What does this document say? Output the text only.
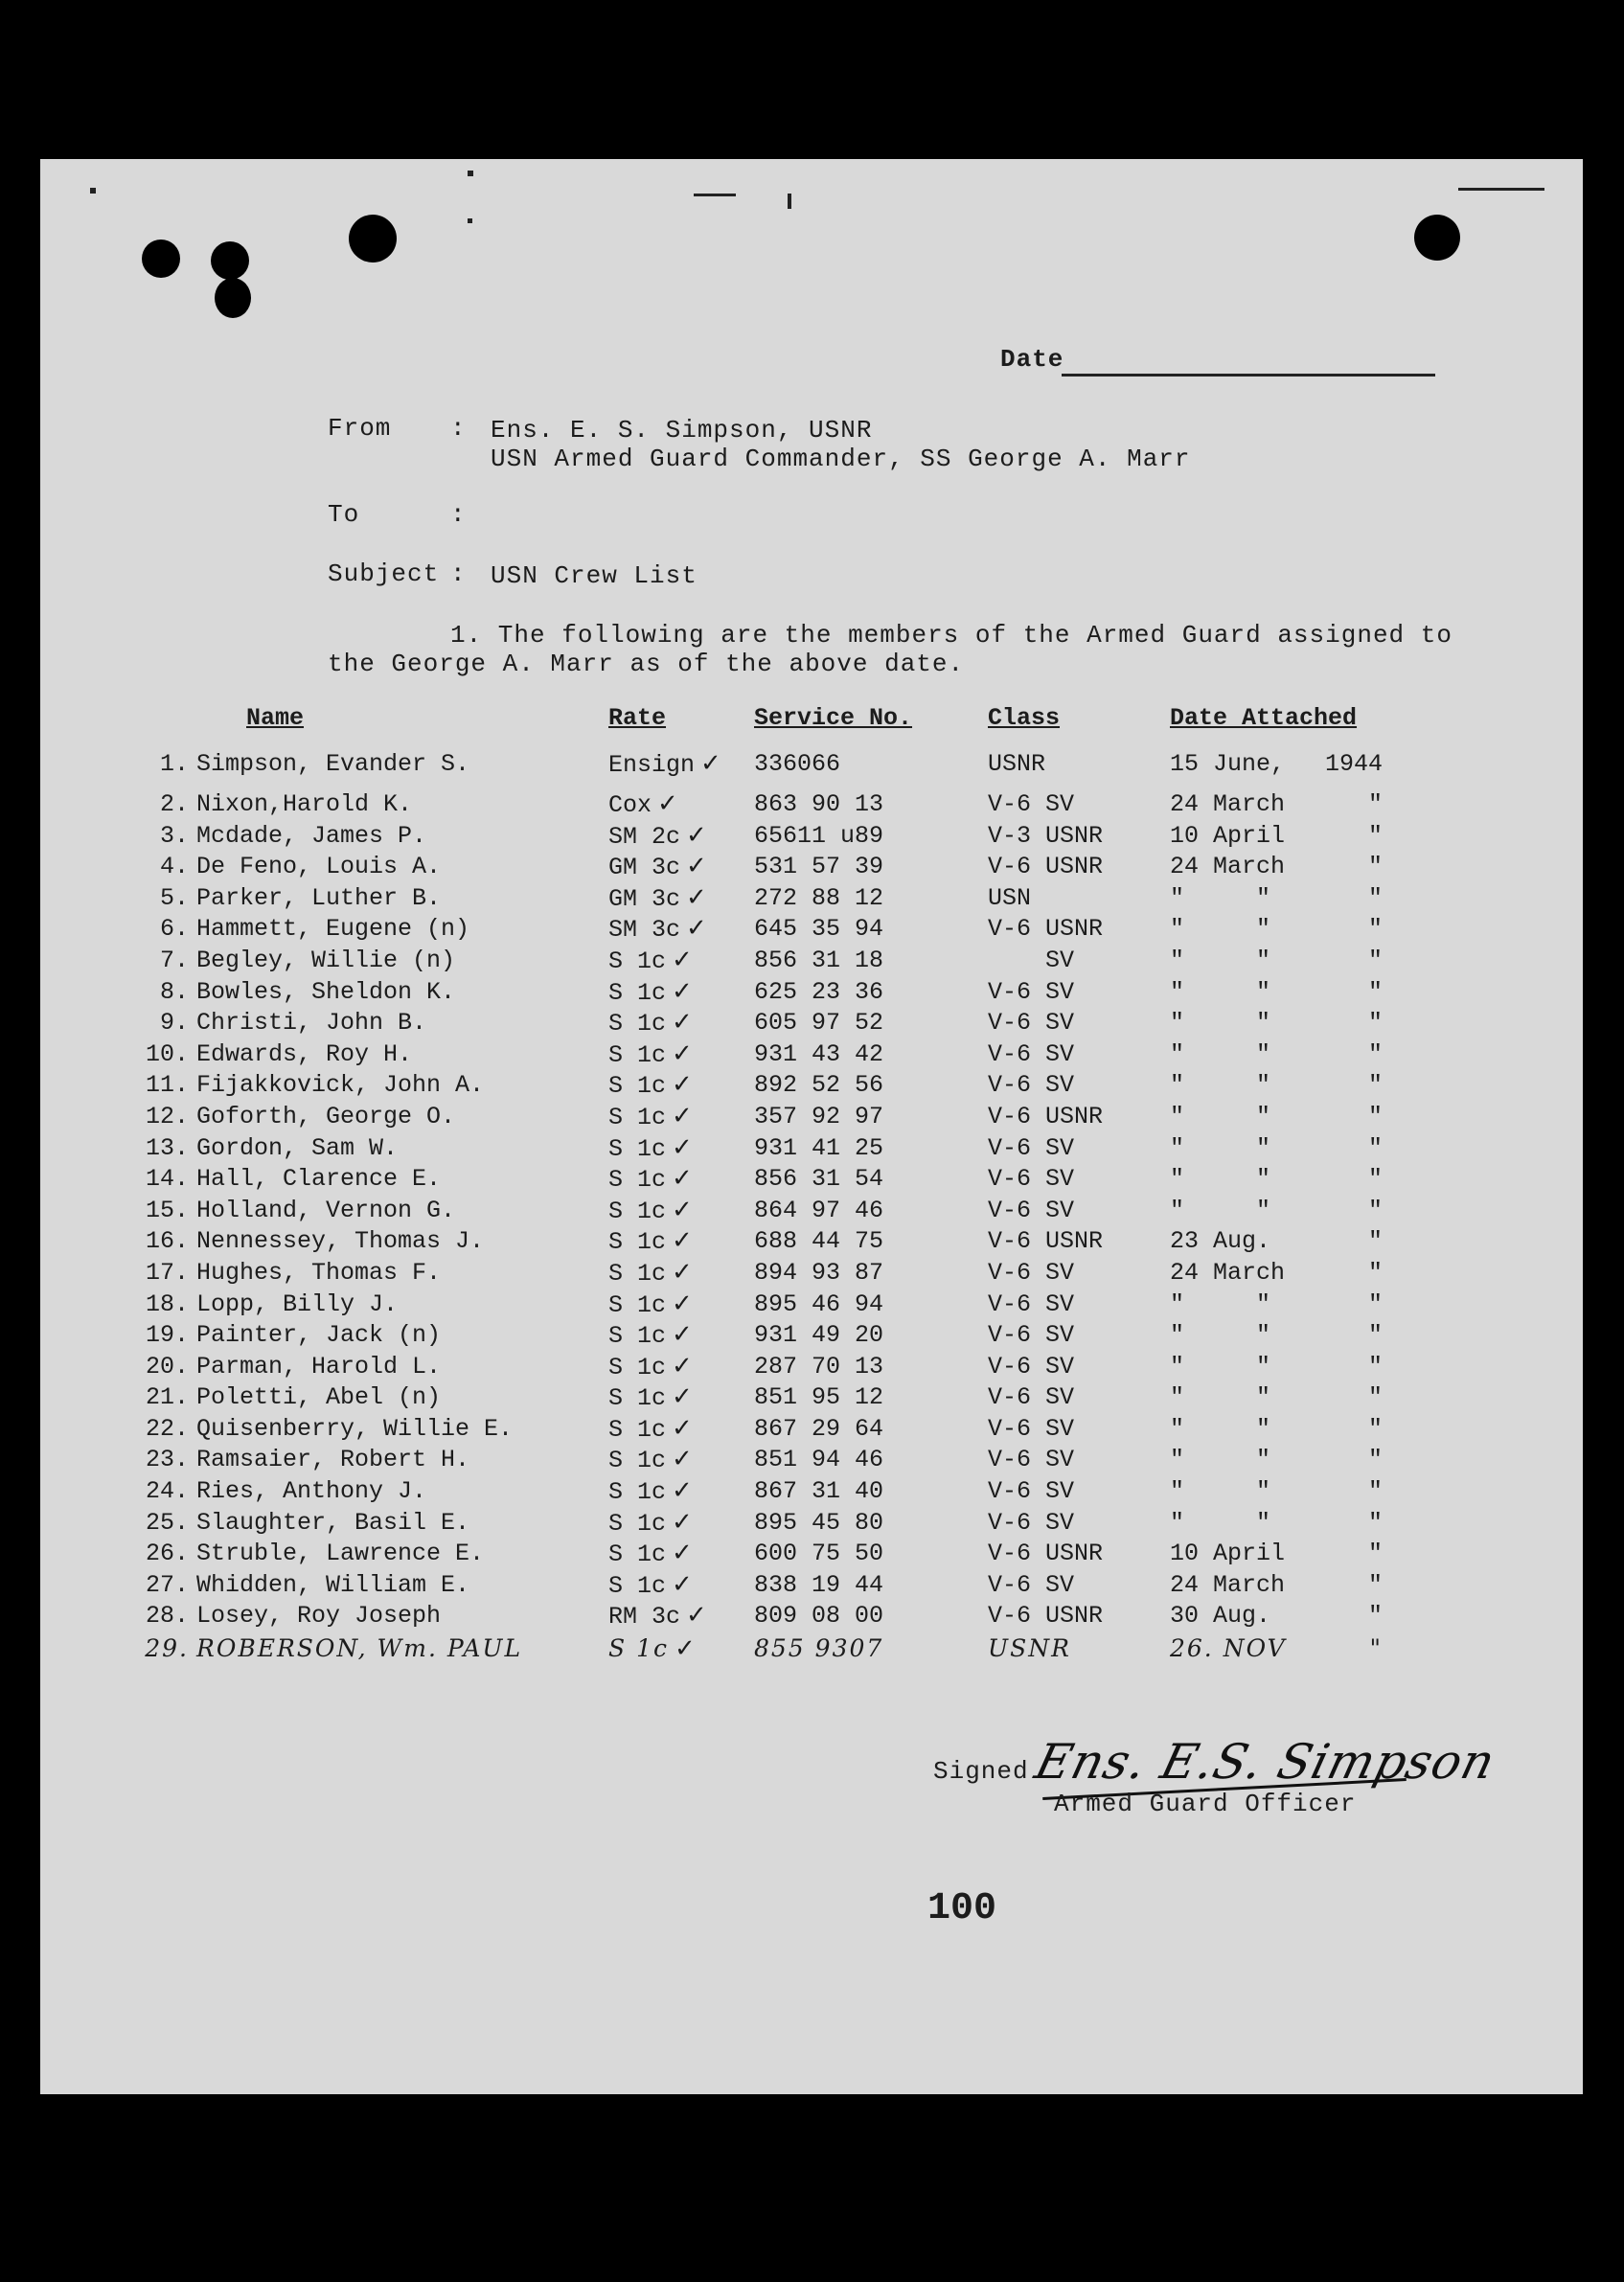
Date
From : Ens. E. S. Simpson, USNR
USN Armed Guard Commander, SS George A. Marr
To	:
Subject : USN Crew List
1. The following are the members of the Armed Guard assigned to
the George A. Marr as of the above date.
	Name	Rate	Service No.	Class	Date Attached	
1.	Simpson, Evander S.	Ensign ✓	336066	USNR	15 June,	1944
2.	Nixon,Harold K.	Cox ✓	863 90 13	V-6 SV	24 March	"
3.	Mcdade, James P.	SM 2c ✓	65611 u89	V-3 USNR	10 April	"
4.	De Feno, Louis A.	GM 3c ✓	531 57 39	V-6 USNR	24 March	"
5.	Parker, Luther B.	GM 3c ✓	272 88 12	USN	"     "	"
6.	Hammett, Eugene (n)	SM 3c ✓	645 35 94	V-6 USNR	"     "	"
7.	Begley, Willie (n)	S 1c ✓	856 31 18	SV	"     "	"
8.	Bowles, Sheldon K.	S 1c ✓	625 23 36	V-6 SV	"     "	"
9.	Christi, John B.	S 1c ✓	605 97 52	V-6 SV	"     "	"
10.	Edwards, Roy H.	S 1c ✓	931 43 42	V-6 SV	"     "	"
11.	Fijakkovick, John A.	S 1c ✓	892 52 56	V-6 SV	"     "	"
12.	Goforth, George O.	S 1c ✓	357 92 97	V-6 USNR	"     "	"
13.	Gordon, Sam W.	S 1c ✓	931 41 25	V-6 SV	"     "	"
14.	Hall, Clarence E.	S 1c ✓	856 31 54	V-6 SV	"     "	"
15.	Holland, Vernon G.	S 1c ✓	864 97 46	V-6 SV	"     "	"
16.	Nennessey, Thomas J.	S 1c ✓	688 44 75	V-6 USNR	23 Aug.	"
17.	Hughes, Thomas F.	S 1c ✓	894 93 87	V-6 SV	24 March	"
18.	Lopp, Billy J.	S 1c ✓	895 46 94	V-6 SV	"     "	"
19.	Painter, Jack (n)	S 1c ✓	931 49 20	V-6 SV	"     "	"
20.	Parman, Harold L.	S 1c ✓	287 70 13	V-6 SV	"     "	"
21.	Poletti, Abel (n)	S 1c ✓	851 95 12	V-6 SV	"     "	"
22.	Quisenberry, Willie E.	S 1c ✓	867 29 64	V-6 SV	"     "	"
23.	Ramsaier, Robert H.	S 1c ✓	851 94 46	V-6 SV	"     "	"
24.	Ries, Anthony J.	S 1c ✓	867 31 40	V-6 SV	"     "	"
25.	Slaughter, Basil E.	S 1c ✓	895 45 80	V-6 SV	"     "	"
26.	Struble, Lawrence E.	S 1c ✓	600 75 50	V-6 USNR	10 April	"
27.	Whidden, William E.	S 1c ✓	838 19 44	V-6 SV	24 March	"
28.	Losey, Roy Joseph	RM 3c ✓	809 08 00	V-6 USNR	30 Aug.	"
29.	ROBERSON, Wm. PAUL	S 1c ✓	855 9307	USNR	26. NOV	"
Signed Ens. E.S. Simpson
Armed Guard Officer
100
